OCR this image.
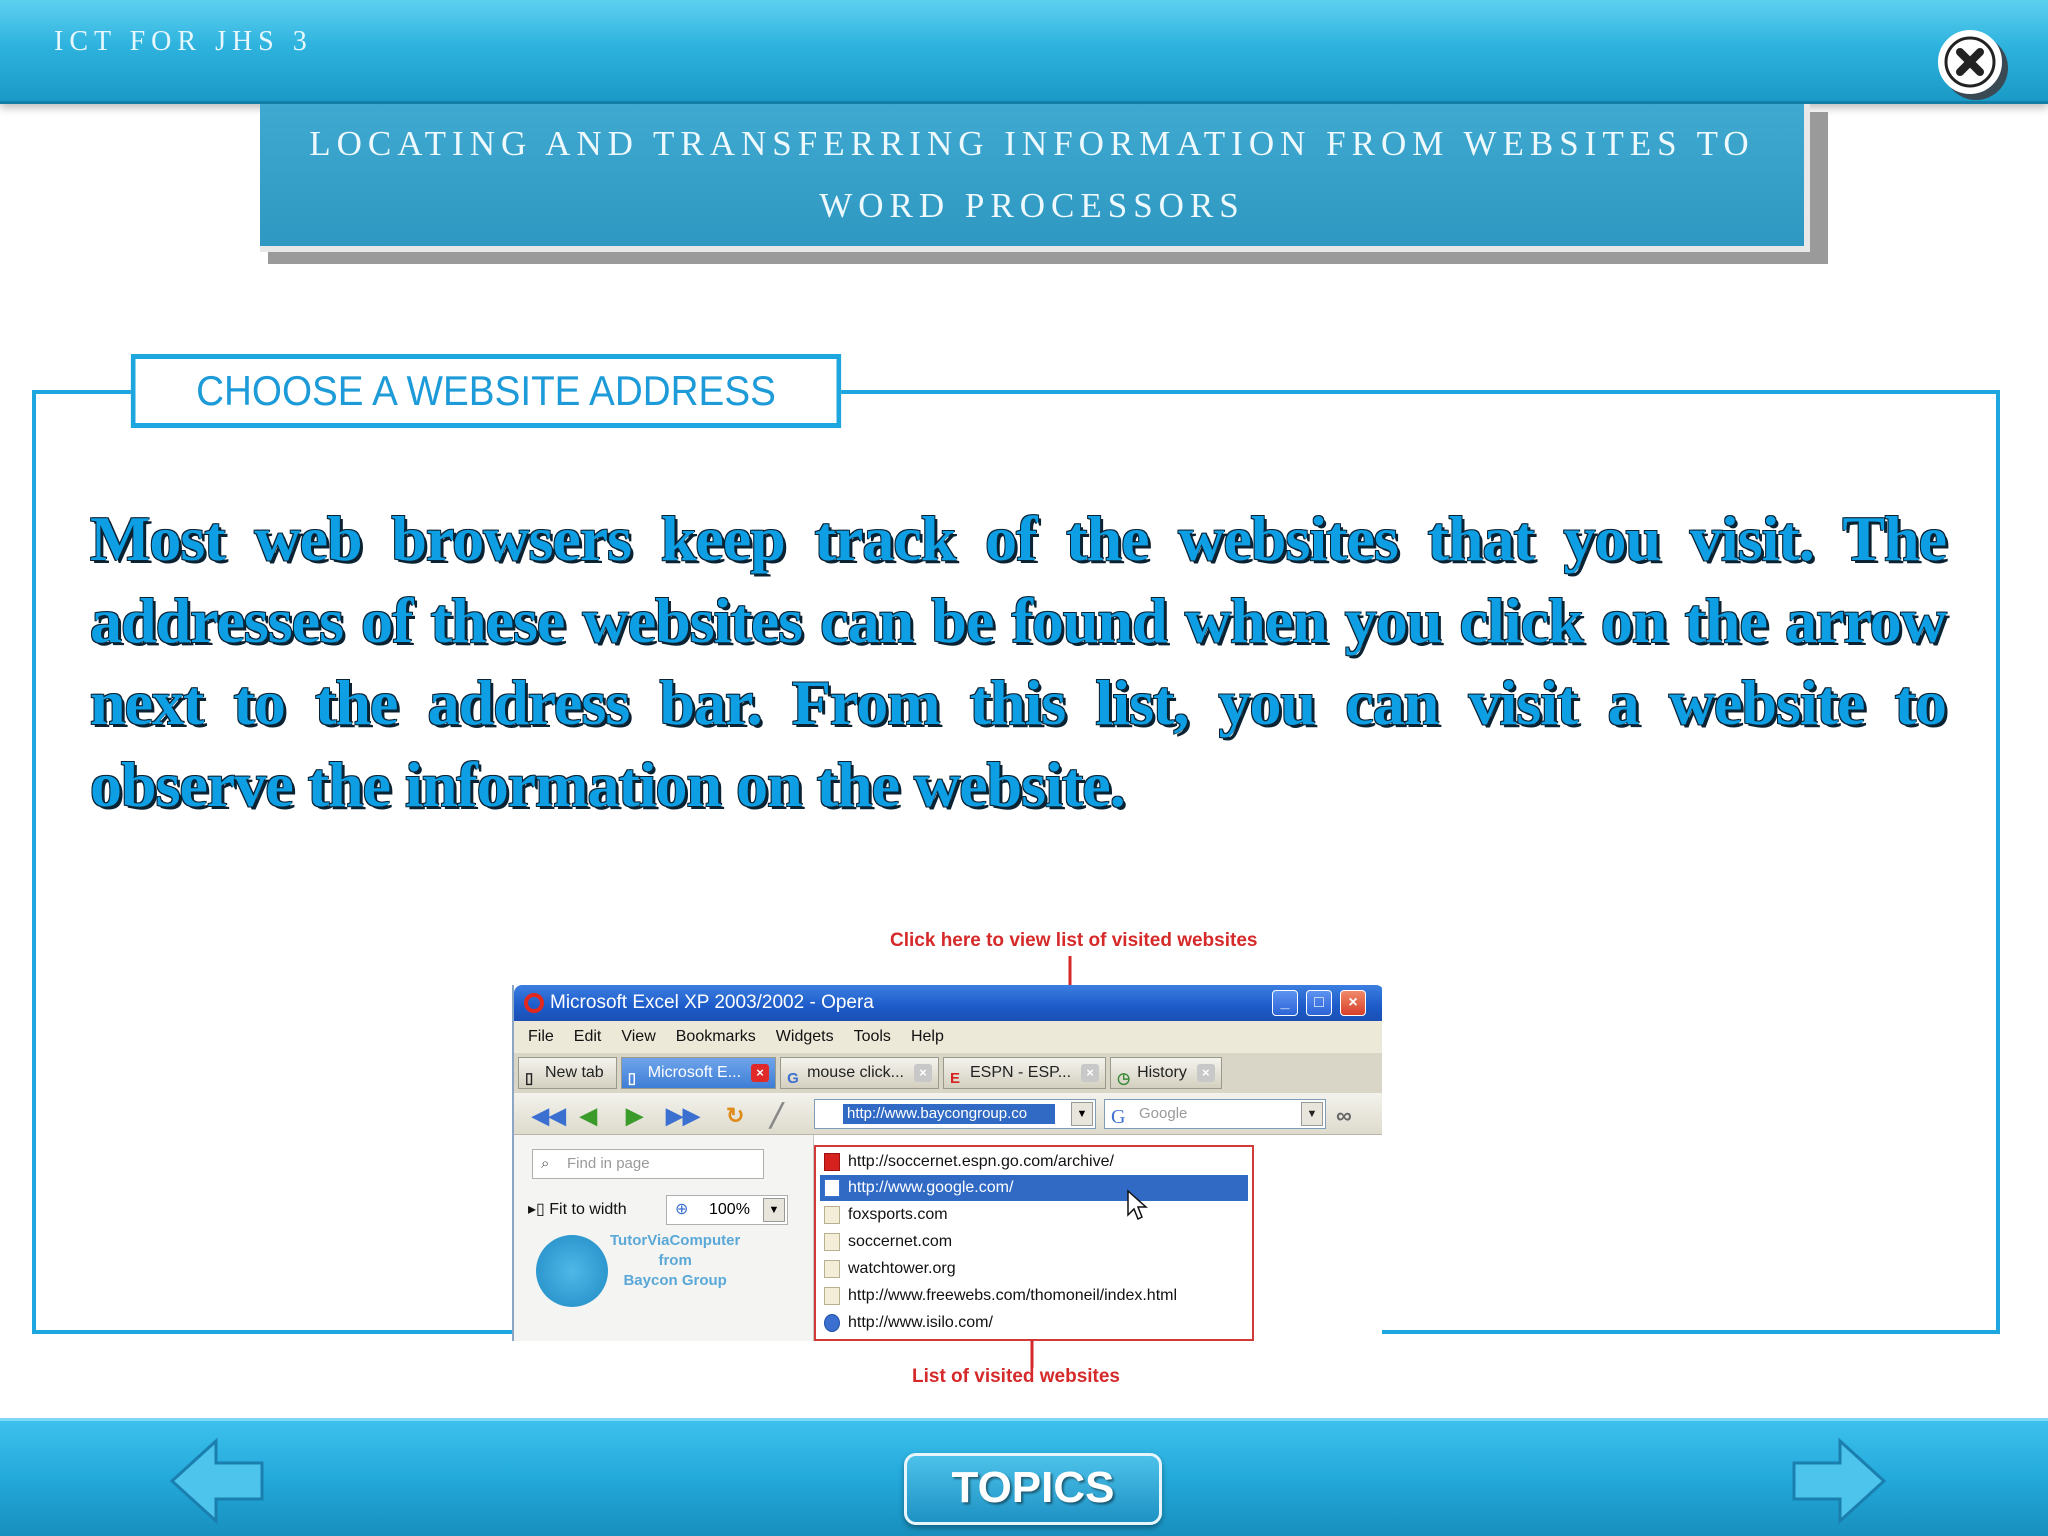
ICT FOR JHS 3
LOCATING AND TRANSFERRING INFORMATION FROM WEBSITES TO WORD PROCESSORS
CHOOSE A WEBSITE ADDRESS
Most web browsers keep track of the websites that you visit. The addresses of these websites can be found when you click on the arrow next to the address bar. From this list, you can visit a website to observe the information on the website.
Click here to view list of visited websites
Microsoft Excel XP 2003/2002 - Opera	_	□	×
File Edit View Bookmarks Widgets Tools Help
▯ New tab	▯ Microsoft E...	×	G mouse click...	×	E ESPN - ESP...	×	◷ History	×
◀◀ ◀ ▶ ▶▶ ↻ ╱	http://www.baycongroup.co	▼ G Google	▼ ∞
⌕ Find in page
▸▯ Fit to width	⊕ 100%	▼
TutorViaComputer
from
Baycon Group
http://soccernet.espn.go.com/archive/
http://www.google.com/
foxsports.com
soccernet.com
watchtower.org
http://www.freewebs.com/thomoneil/index.html
http://www.isilo.com/
List of visited websites
TOPICS
